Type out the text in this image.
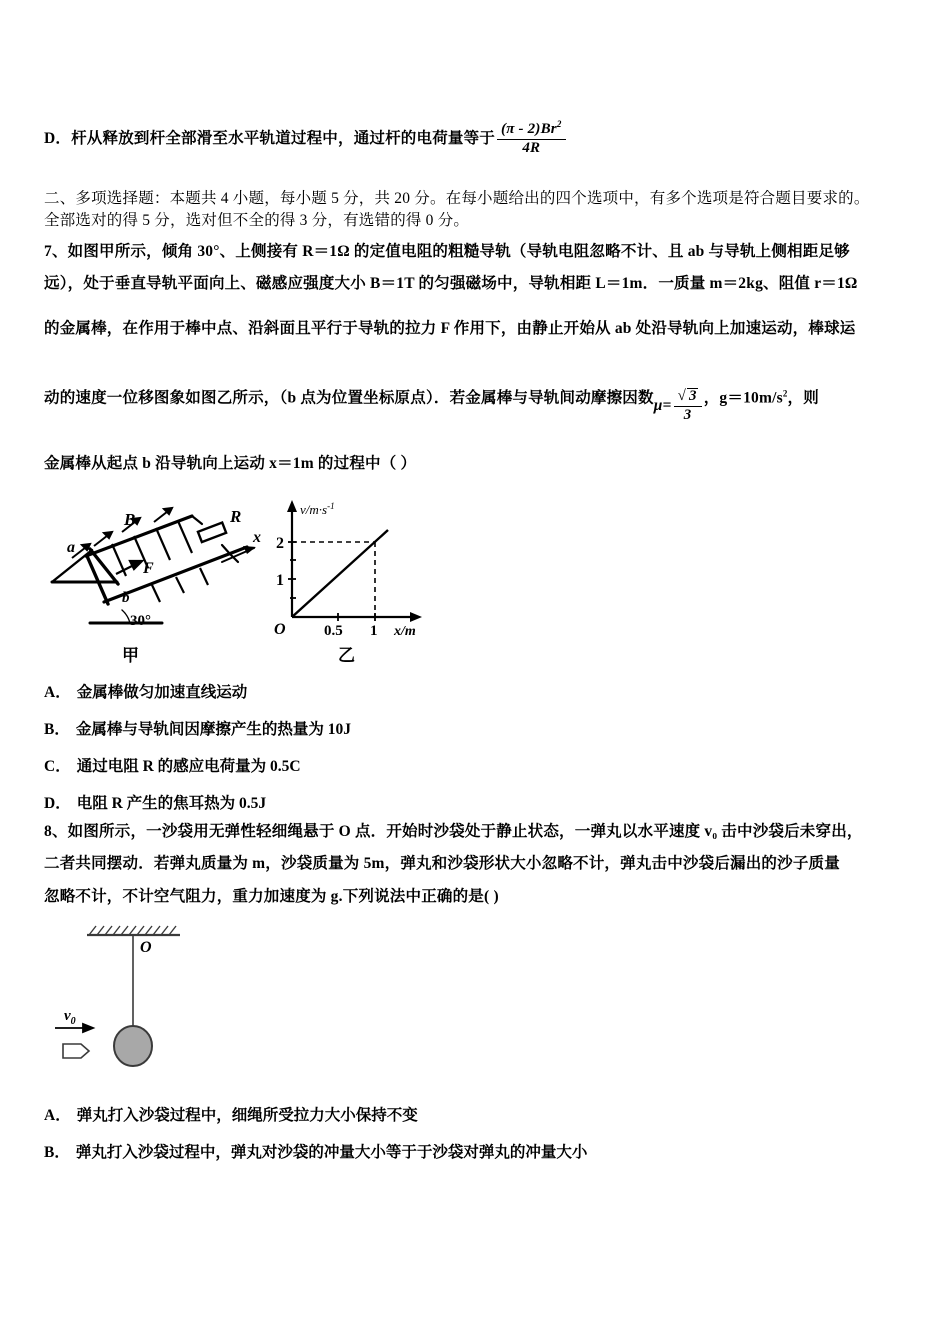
D．杆从释放到杆全部滑至水平轨道过程中，通过杆的电荷量等于 $\frac{(\pi - 2)Br^2}{4R}$
二、多项选择题：本题共 4 小题，每小题 5 分，共 20 分。在每小题给出的四个选项中，有多个选项是符合题目要求的。
全部选对的得 5 分，选对但不全的得 3 分，有选错的得 0 分。
7、如图甲所示，倾角 30°、上侧接有 R＝1Ω 的定值电阻的粗糙导轨（导轨电阻忽略不计、且 ab 与导轨上侧相距足够
远），处于垂直导轨平面向上、磁感应强度大小 B＝1T 的匀强磁场中，导轨相距 L＝1m．一质量 m＝2kg、阻值 r＝1Ω
的金属棒，在作用于棒中点、沿斜面且平行于导轨的拉力 F 作用下，由静止开始从 ab 处沿导轨向上加速运动，棒球运
动的速度一位移图象如图乙所示，（b 点为位置坐标原点）．若金属棒与导轨间动摩擦因数$\mu= \frac{√ 3}{3}$ ，$g=10m/s^2$，则
金属棒从起点 b 沿导轨向上运动 x＝1m 的过程中（ ）
a
b
B
F
R
x
30°
甲
$v/m\cdot s^{-1}$
2
1
O	0.5 1 x/m
乙
A． 金属棒做匀加速直线运动
B． 金属棒与导轨间因摩擦产生的热量为 10J
C． 通过电阻 R 的感应电荷量为 0.5C
D． 电阻 R 产生的焦耳热为 0.5J
8、如图所示，一沙袋用无弹性轻细绳悬于 O 点．开始时沙袋处于静止状态，一弹丸以水平速度 v₀ 击中沙袋后未穿出，
二者共同摆动．若弹丸质量为 m，沙袋质量为 5m，弹丸和沙袋形状大小忽略不计，弹丸击中沙袋后漏出的沙子质量
忽略不计，不计空气阻力，重力加速度为 g.下列说法中正确的是( )
O
$v_0$
A． 弹丸打入沙袋过程中，细绳所受拉力大小保持不变
B． 弹丸打入沙袋过程中，弹丸对沙袋的冲量大小等于于沙袋对弹丸的冲量大小
